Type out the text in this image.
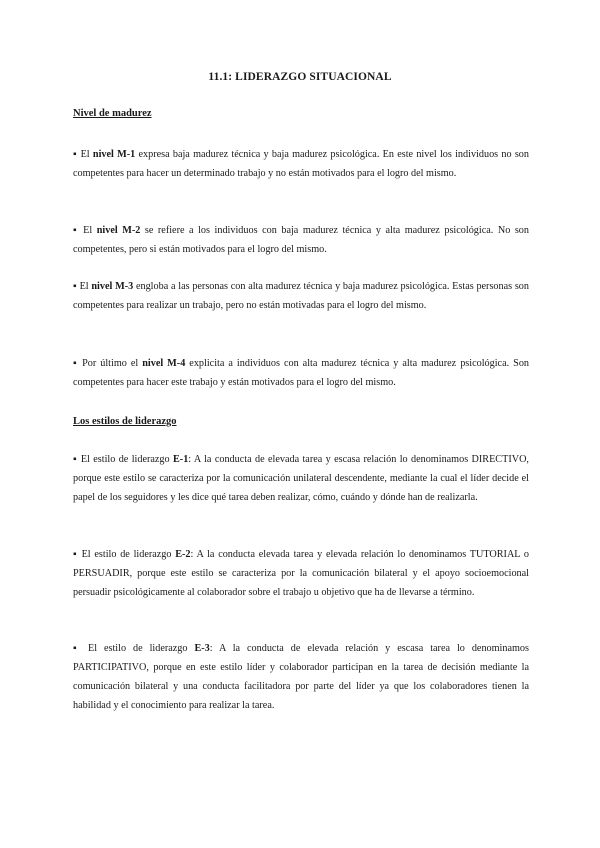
11.1: LIDERAZGO SITUACIONAL
Nivel de madurez
▪ El nivel M-1 expresa baja madurez técnica y baja madurez psicológica. En este nivel los individuos no son competentes para hacer un determinado trabajo y no están motivados para el logro del mismo.
▪ El nivel M-2 se refiere a los individuos con baja madurez técnica y alta madurez psicológica. No son competentes, pero si están motivados para el logro del mismo.
▪ El nivel M-3 engloba a las personas con alta madurez técnica y baja madurez psicológica. Estas personas son competentes para realizar un trabajo, pero no están motivadas para el logro del mismo.
▪ Por último el nivel M-4 explicita a individuos con alta madurez técnica y alta madurez psicológica. Son competentes para hacer este trabajo y están motivados para el logro del mismo.
Los estilos de liderazgo
▪ El estilo de liderazgo E-1: A la conducta de elevada tarea y escasa relación lo denominamos DIRECTIVO, porque este estilo se caracteriza por la comunicación unilateral descendente, mediante la cual el líder decide el papel de los seguidores y les dice qué tarea deben realizar, cómo, cuándo y dónde han de realizarla.
▪ El estilo de liderazgo E-2: A la conducta elevada tarea y elevada relación lo denominamos TUTORIAL o PERSUADIR, porque este estilo se caracteriza por la comunicación bilateral y el apoyo socioemocional persuadir psicológicamente al colaborador sobre el trabajo u objetivo que ha de llevarse a término.
▪ El estilo de liderazgo E-3: A la conducta de elevada relación y escasa tarea lo denominamos PARTICIPATIVO, porque en este estilo líder y colaborador participan en la tarea de decisión mediante la comunicación bilateral y una conducta facilitadora por parte del líder ya que los colaboradores tienen la habilidad y el conocimiento para realizar la tarea.
